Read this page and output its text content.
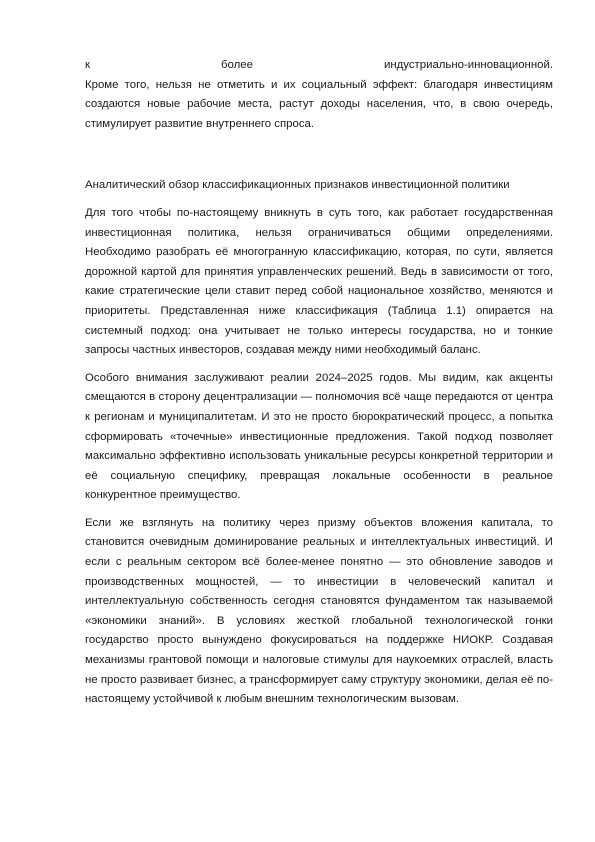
к более индустриально-инновационной.
Кроме того, нельзя не отметить и их социальный эффект: благодаря инвестициям создаются новые рабочие места, растут доходы населения, что, в свою очередь, стимулирует развитие внутреннего спроса.

Аналитический обзор классификационных признаков инвестиционной политики

Для того чтобы по-настоящему вникнуть в суть того, как работает государственная инвестиционная политика, нельзя ограничиваться общими определениями. Необходимо разобрать её многогранную классификацию, которая, по сути, является дорожной картой для принятия управленческих решений. Ведь в зависимости от того, какие стратегические цели ставит перед собой национальное хозяйство, меняются и приоритеты. Представленная ниже классификация (Таблица 1.1) опирается на системный подход: она учитывает не только интересы государства, но и тонкие запросы частных инвесторов, создавая между ними необходимый баланс.

Особого внимания заслуживают реалии 2024–2025 годов. Мы видим, как акценты смещаются в сторону децентрализации — полномочия всё чаще передаются от центра к регионам и муниципалитетам. И это не просто бюрократический процесс, а попытка сформировать «точечные» инвестиционные предложения. Такой подход позволяет максимально эффективно использовать уникальные ресурсы конкретной территории и её социальную специфику, превращая локальные особенности в реальное конкурентное преимущество.

Если же взглянуть на политику через призму объектов вложения капитала, то становится очевидным доминирование реальных и интеллектуальных инвестиций. И если с реальным сектором всё более-менее понятно — это обновление заводов и производственных мощностей, — то инвестиции в человеческий капитал и интеллектуальную собственность сегодня становятся фундаментом так называемой «экономики знаний». В условиях жесткой глобальной технологической гонки государство просто вынуждено фокусироваться на поддержке НИОКР. Создавая механизмы грантовой помощи и налоговые стимулы для наукоемких отраслей, власть не просто развивает бизнес, а трансформирует саму структуру экономики, делая её по-настоящему устойчивой к любым внешним технологическим вызовам.
